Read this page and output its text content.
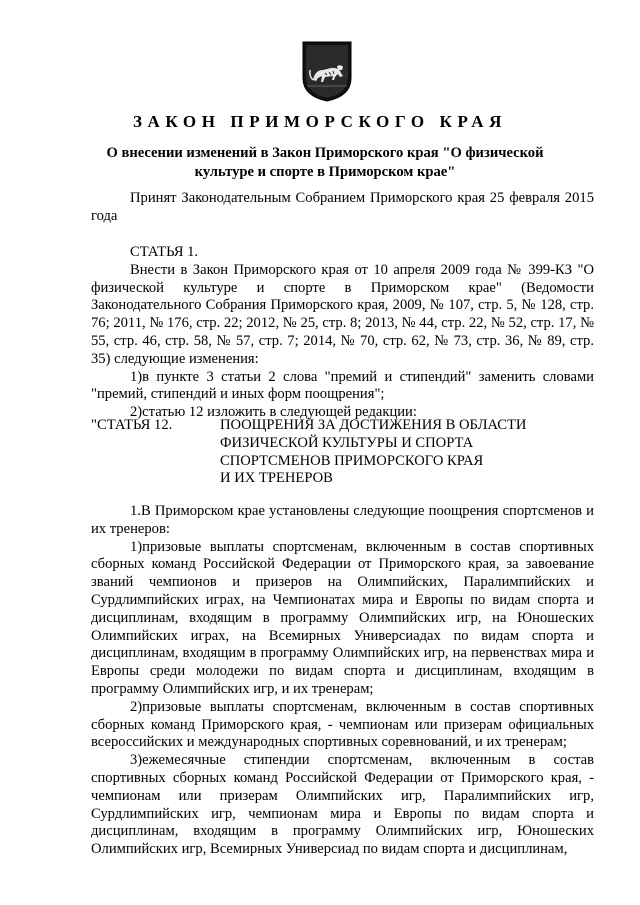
ЗАКОН ПРИМОРСКОГО КРАЯ
О внесении изменений в Закон Приморского края "О физической
культуре и спорте в Приморском крае"

Принят Законодательным Собранием Приморского края 25 февраля 2015 года

СТАТЬЯ 1.

Внести в Закон Приморского края от 10 апреля 2009 года № 399-КЗ "О физической культуре и спорте в Приморском крае" (Ведомости Законодательного Собрания Приморского края, 2009, № 107, стр. 5, № 128, стр. 76; 2011, № 176, стр. 22; 2012, № 25, стр. 8; 2013, № 44, стр. 22, № 52, стр. 17, № 55, стр. 46, стр. 58, № 57, стр. 7; 2014, № 70, стр. 62, № 73, стр. 36, № 89, стр. 35) следующие изменения:

1)в пункте 3 статьи 2 слова "премий и стипендий" заменить словами "премий, стипендий и иных форм поощрения";

2)статью 12 изложить в следующей редакции:

"СТАТЬЯ 12.	ПООЩРЕНИЯ ЗА ДОСТИЖЕНИЯ В ОБЛАСТИ
ФИЗИЧЕСКОЙ КУЛЬТУРЫ И СПОРТА
СПОРТСМЕНОВ ПРИМОРСКОГО КРАЯ
И ИХ ТРЕНЕРОВ

1.В Приморском крае установлены следующие поощрения спортсменов и их тренеров:

1)призовые выплаты спортсменам, включенным в состав спортивных сборных команд Российской Федерации от Приморского края, за завоевание званий чемпионов и призеров на Олимпийских, Паралимпийских и Сурдлимпийских играх, на Чемпионатах мира и Европы по видам спорта и дисциплинам, входящим в программу Олимпийских игр, на Юношеских Олимпийских играх, на Всемирных Универсиадах по видам спорта и дисциплинам, входящим в программу Олимпийских игр, на первенствах мира и Европы среди молодежи по видам спорта и дисциплинам, входящим в программу Олимпийских игр, и их тренерам;

2)призовые выплаты спортсменам, включенным в состав спортивных сборных команд Приморского края, - чемпионам или призерам официальных всероссийских и международных спортивных соревнований, и их тренерам;

3)ежемесячные стипендии спортсменам, включенным в состав спортивных сборных команд Российской Федерации от Приморского края, - чемпионам или призерам Олимпийских игр, Паралимпийских игр, Сурдлимпийских игр, чемпионам мира и Европы по видам спорта и дисциплинам, входящим в программу Олимпийских игр, Юношеских Олимпийских игр, Всемирных Универсиад по видам спорта и дисциплинам,
